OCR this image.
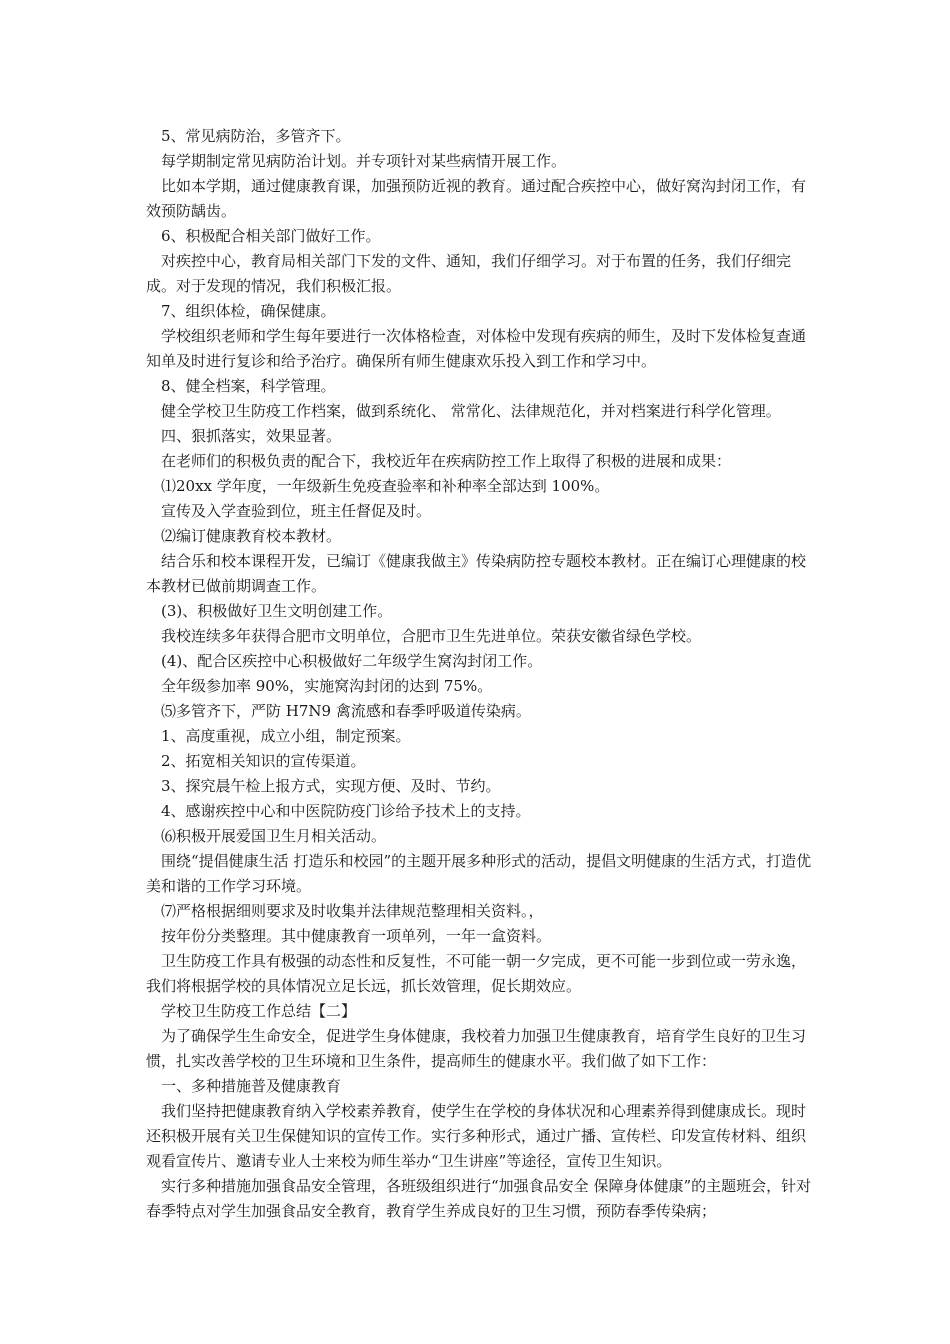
5、常见病防治，多管齐下。

每学期制定常见病防治计划。并专项针对某些病情开展工作。

比如本学期，通过健康教育课，加强预防近视的教育。通过配合疾控中心，做好窝沟封闭工作，有效预防龋齿。

6、积极配合相关部门做好工作。

对疾控中心，教育局相关部门下发的文件、通知，我们仔细学习。对于布置的任务，我们仔细完成。对于发现的情况，我们积极汇报。

7、组织体检，确保健康。

学校组织老师和学生每年要进行一次体格检查，对体检中发现有疾病的师生，及时下发体检复查通知单及时进行复诊和给予治疗。确保所有师生健康欢乐投入到工作和学习中。

8、健全档案，科学管理。

健全学校卫生防疫工作档案，做到系统化、 常常化、法律规范化，并对档案进行科学化管理。

四、狠抓落实，效果显著。

在老师们的积极负责的配合下，我校近年在疾病防控工作上取得了积极的进展和成果：

⑴20xx 学年度，一年级新生免疫查验率和补种率全部达到 100%。

宣传及入学查验到位，班主任督促及时。

⑵编订健康教育校本教材。

结合乐和校本课程开发，已编订《健康我做主》传染病防控专题校本教材。正在编订心理健康的校本教材已做前期调查工作。

(3)、积极做好卫生文明创建工作。

我校连续多年获得合肥市文明单位，合肥市卫生先进单位。荣获安徽省绿色学校。

(4)、配合区疾控中心积极做好二年级学生窝沟封闭工作。

全年级参加率 90%，实施窝沟封闭的达到 75%。

⑸多管齐下，严防 H7N9 禽流感和春季呼吸道传染病。

1、高度重视，成立小组，制定预案。

2、拓宽相关知识的宣传渠道。

3、探究晨午检上报方式，实现方便、及时、节约。

4、感谢疾控中心和中医院防疫门诊给予技术上的支持。

⑹积极开展爱国卫生月相关活动。

围绕“提倡健康生活 打造乐和校园”的主题开展多种形式的活动，提倡文明健康的生活方式，打造优美和谐的工作学习环境。

⑺严格根据细则要求及时收集并法律规范整理相关资料。，

按年份分类整理。其中健康教育一项单列，一年一盒资料。

卫生防疫工作具有极强的动态性和反复性，不可能一朝一夕完成，更不可能一步到位或一劳永逸，我们将根据学校的具体情况立足长远，抓长效管理，促长期效应。

学校卫生防疫工作总结【二】

为了确保学生生命安全，促进学生身体健康，我校着力加强卫生健康教育，培育学生良好的卫生习惯，扎实改善学校的卫生环境和卫生条件，提高师生的健康水平。我们做了如下工作：

一、多种措施普及健康教育

我们坚持把健康教育纳入学校素养教育，使学生在学校的身体状况和心理素养得到健康成长。现时还积极开展有关卫生保健知识的宣传工作。实行多种形式，通过广播、宣传栏、印发宣传材料、组织观看宣传片、邀请专业人士来校为师生举办“卫生讲座”等途径，宣传卫生知识。

实行多种措施加强食品安全管理，各班级组织进行“加强食品安全 保障身体健康”的主题班会，针对春季特点对学生加强食品安全教育，教育学生养成良好的卫生习惯，预防春季传染病；
